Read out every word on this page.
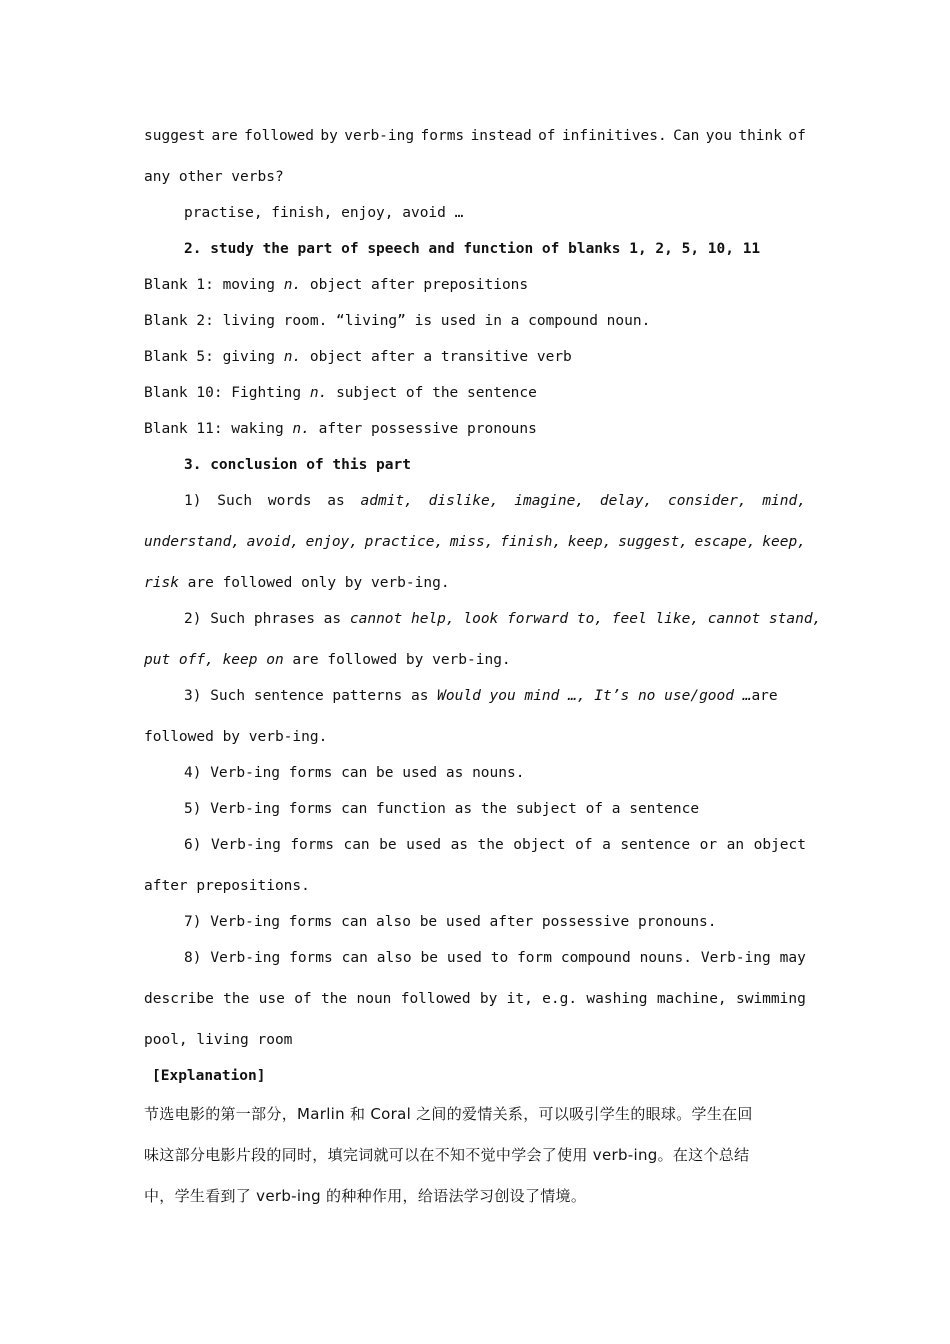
suggest are followed by verb-ing forms instead of infinitives. Can you think of
any other verbs?
practise, finish, enjoy, avoid …
2. study the part of speech and function of blanks 1, 2, 5, 10, 11
Blank 1: moving n. object after prepositions
Blank 2: living room. “living” is used in a compound noun.
Blank 5: giving n. object after a transitive verb
Blank 10: Fighting n. subject of the sentence
Blank 11: waking n. after possessive pronouns
3. conclusion of this part
1) Such words as admit, dislike, imagine, delay, consider, mind,
understand, avoid, enjoy, practice, miss, finish, keep, suggest, escape, keep,
risk are followed only by verb-ing.
2) Such phrases as cannot help, look forward to, feel like, cannot stand,
put off, keep on are followed by verb-ing.
3) Such sentence patterns as Would you mind …, It’s no use/good …are
followed by verb-ing.
4) Verb-ing forms can be used as nouns.
5) Verb-ing forms can function as the subject of a sentence
6) Verb-ing forms can be used as the object of a sentence or an object
after prepositions.
7) Verb-ing forms can also be used after possessive pronouns.
8) Verb-ing forms can also be used to form compound nouns. Verb-ing may
describe the use of the noun followed by it, e.g. washing machine, swimming
pool, living room
[Explanation]
节选电影的第一部分，Marlin 和 Coral 之间的爱情关系，可以吸引学生的眼球。学生在回
味这部分电影片段的同时，填完词就可以在不知不觉中学会了使用 verb-ing。在这个总结
中，学生看到了 verb-ing 的种种作用，给语法学习创设了情境。
